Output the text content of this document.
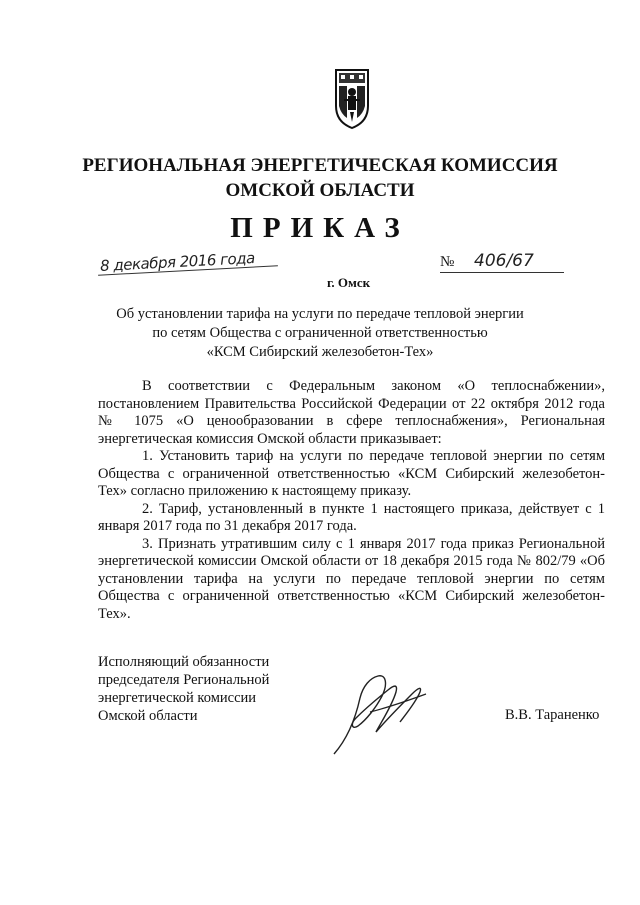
РЕГИОНАЛЬНАЯ ЭНЕРГЕТИЧЕСКАЯ КОМИССИЯ
ОМСКОЙ ОБЛАСТИ
ПРИКАЗ
8 декабря 2016 года
г. Омск
№ 406/67
Об установлении тарифа на услуги по передаче тепловой энергии
по сетям Общества с ограниченной ответственностью
«КСМ Сибирский железобетон-Тех»

В соответствии с Федеральным законом «О теплоснабжении», постановлением Правительства Российской Федерации от 22 октября 2012 года № 1075 «О ценообразовании в сфере теплоснабжения», Региональная энергетическая комиссия Омской области приказывает:

1. Установить тариф на услуги по передаче тепловой энергии по сетям Общества с ограниченной ответственностью «КСМ Сибирский железобетон-Тех» согласно приложению к настоящему приказу.

2. Тариф, установленный в пункте 1 настоящего приказа, действует с 1 января 2017 года по 31 декабря 2017 года.

3. Признать утратившим силу с 1 января 2017 года приказ Региональной энергетической комиссии Омской области от 18 декабря 2015 года № 802/79 «Об установлении тарифа на услуги по передаче тепловой энергии по сетям Общества с ограниченной ответственностью «КСМ Сибирский железобетон-Тех».

Исполняющий обязанности
председателя Региональной
энергетической комиссии
Омской области	В.В. Тараненко
